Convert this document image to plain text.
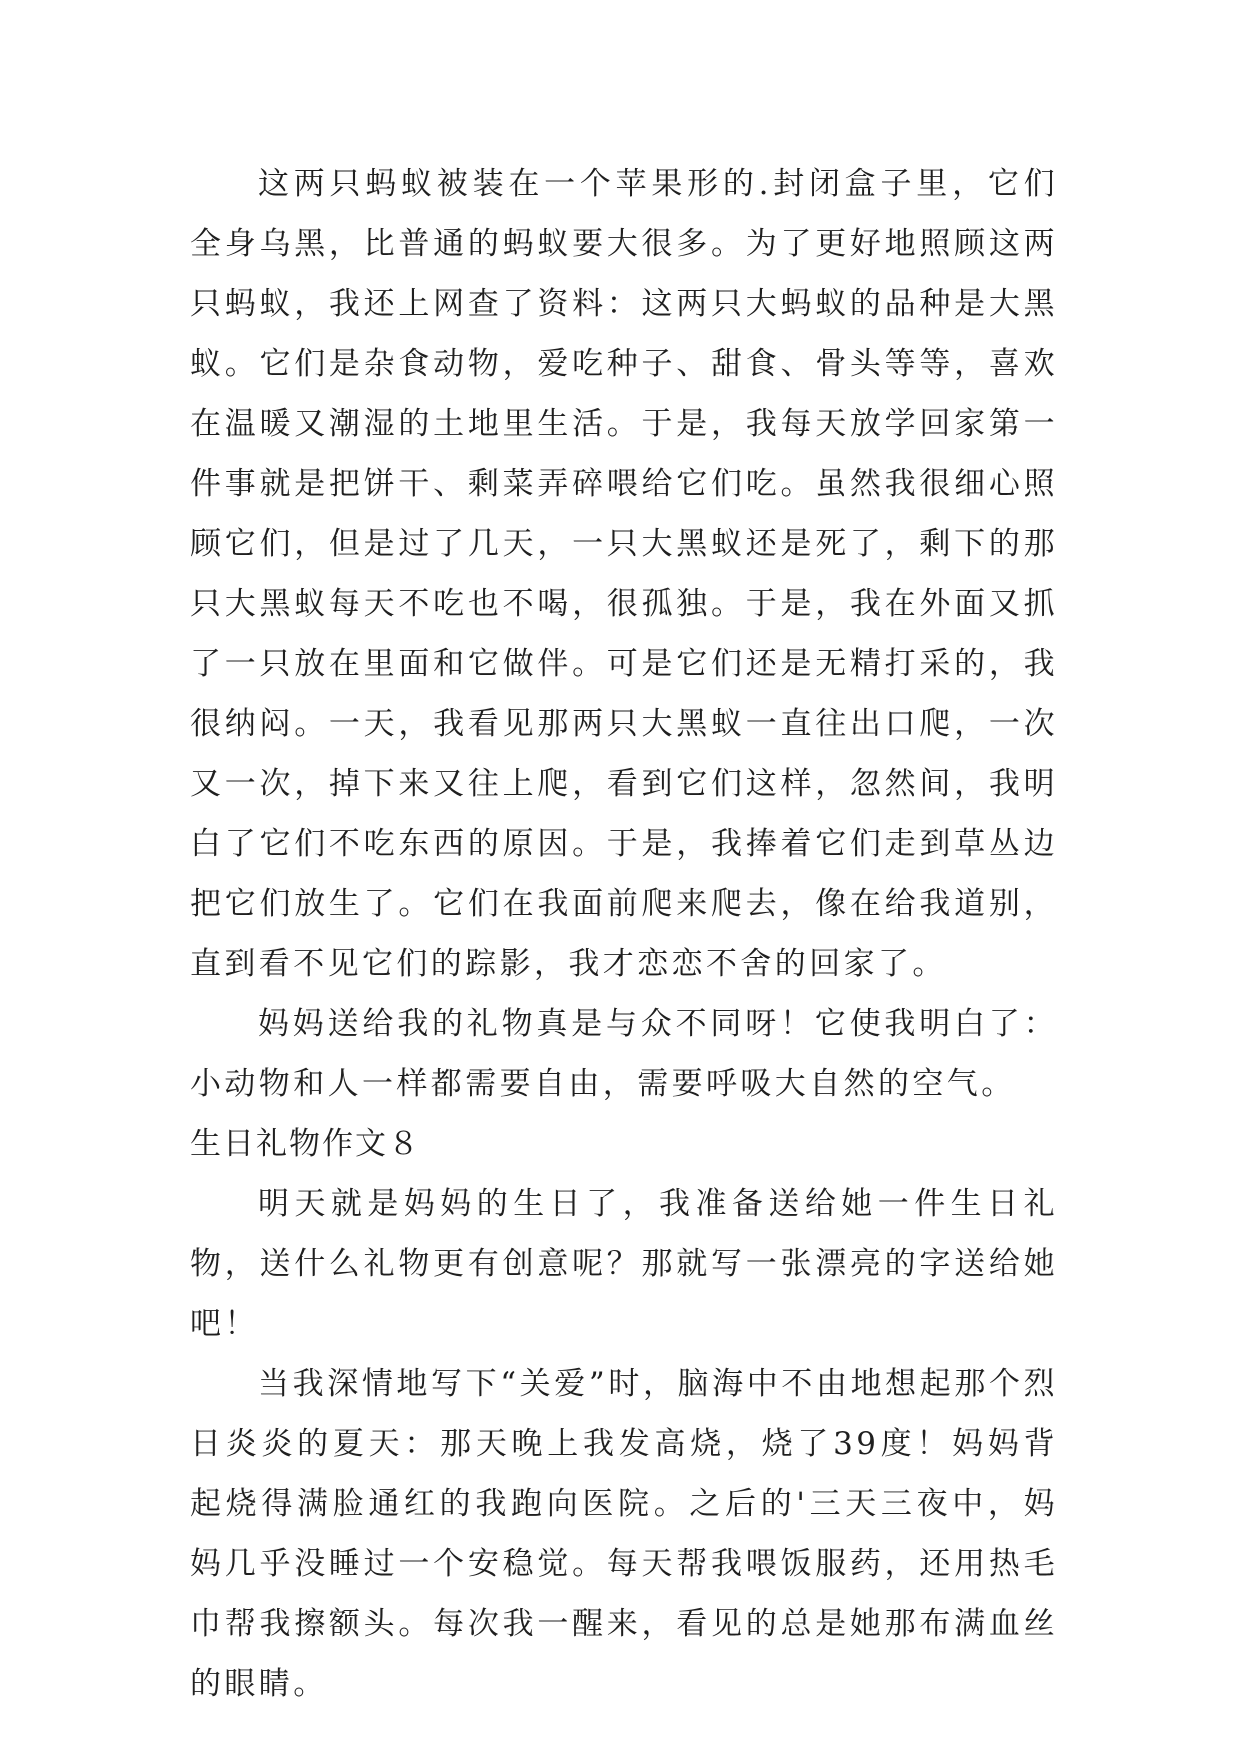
这两只蚂蚁被装在一个苹果形的.封闭盒子里，它们全身乌黑，比普通的蚂蚁要大很多。为了更好地照顾这两只蚂蚁，我还上网查了资料：这两只大蚂蚁的品种是大黑蚁。它们是杂食动物，爱吃种子、甜食、骨头等等，喜欢在温暖又潮湿的土地里生活。于是，我每天放学回家第一件事就是把饼干、剩菜弄碎喂给它们吃。虽然我很细心照顾它们，但是过了几天，一只大黑蚁还是死了，剩下的那只大黑蚁每天不吃也不喝，很孤独。于是，我在外面又抓了一只放在里面和它做伴。可是它们还是无精打采的，我很纳闷。一天，我看见那两只大黑蚁一直往出口爬，一次又一次，掉下来又往上爬，看到它们这样，忽然间，我明白了它们不吃东西的原因。于是，我捧着它们走到草丛边把它们放生了。它们在我面前爬来爬去，像在给我道别，直到看不见它们的踪影，我才恋恋不舍的回家了。

妈妈送给我的礼物真是与众不同呀！它使我明白了：小动物和人一样都需要自由，需要呼吸大自然的空气。

生日礼物作文８

明天就是妈妈的生日了，我准备送给她一件生日礼物，送什么礼物更有创意呢？那就写一张漂亮的字送给她吧！

当我深情地写下“关爱”时，脑海中不由地想起那个烈日炎炎的夏天：那天晚上我发高烧，烧了39度！妈妈背起烧得满脸通红的我跑向医院。之后的'三天三夜中，妈妈几乎没睡过一个安稳觉。每天帮我喂饭服药，还用热毛巾帮我擦额头。每次我一醒来，看见的总是她那布满血丝的眼睛。
